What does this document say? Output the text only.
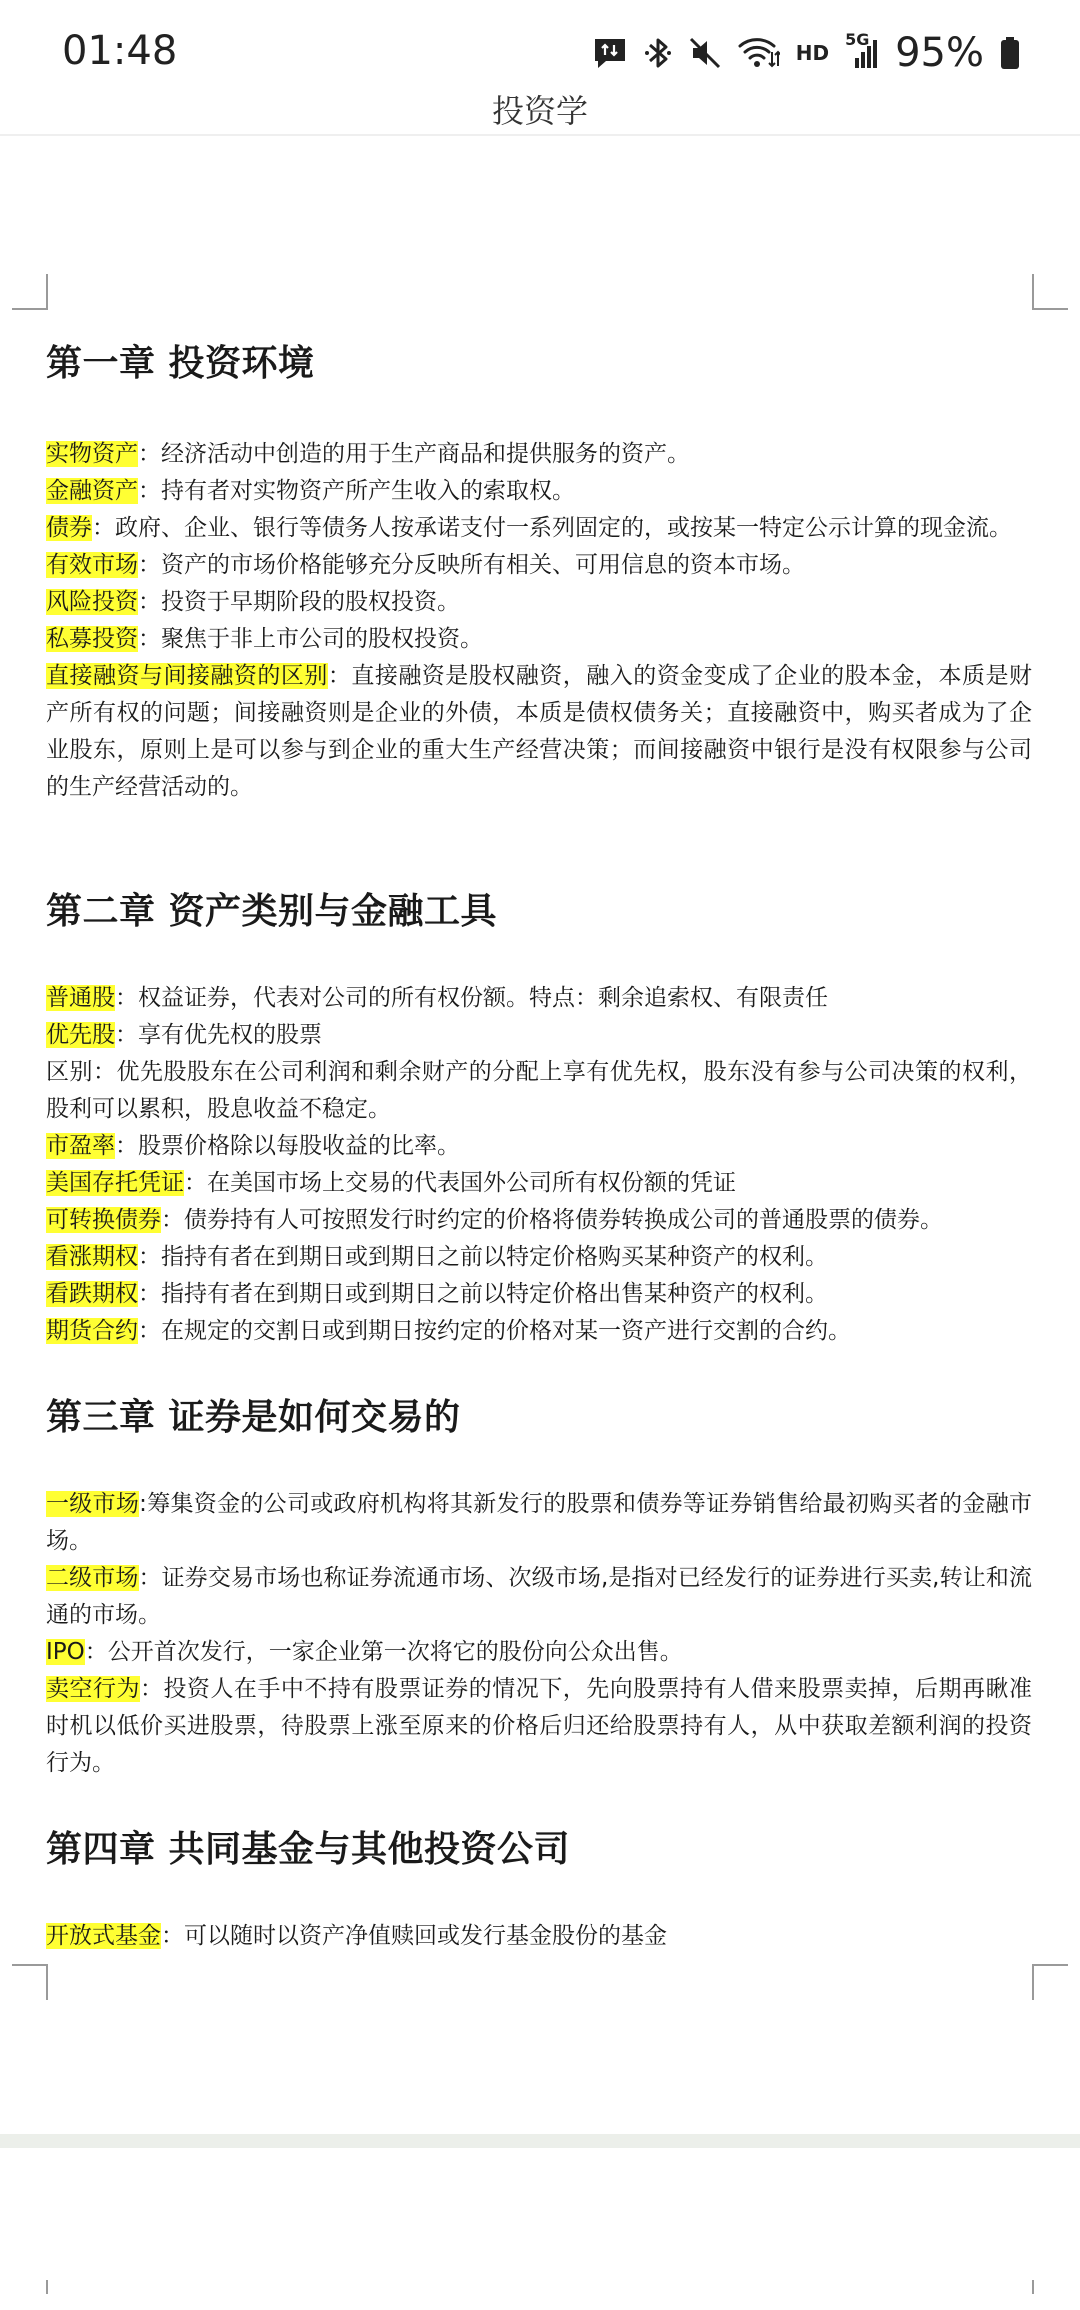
01:48	HD
5G 95%
投资学
第一章 投资环境

实物资产：经济活动中创造的用于生产商品和提供服务的资产。

金融资产：持有者对实物资产所产生收入的索取权。

债券：政府、企业、银行等债务人按承诺支付一系列固定的，或按某一特定公示计算的现金流。

有效市场：资产的市场价格能够充分反映所有相关、可用信息的资本市场。

风险投资：投资于早期阶段的股权投资。

私募投资：聚焦于非上市公司的股权投资。

直接融资与间接融资的区别：直接融资是股权融资，融入的资金变成了企业的股本金，本质是财产所有权的问题；间接融资则是企业的外债，本质是债权债务关；直接融资中，购买者成为了企业股东，原则上是可以参与到企业的重大生产经营决策；而间接融资中银行是没有权限参与公司的生产经营活动的。

第二章 资产类别与金融工具

普通股：权益证券，代表对公司的所有权份额。特点：剩余追索权、有限责任

优先股：享有优先权的股票

区别：优先股股东在公司利润和剩余财产的分配上享有优先权，股东没有参与公司决策的权利，股利可以累积，股息收益不稳定。

市盈率：股票价格除以每股收益的比率。

美国存托凭证：在美国市场上交易的代表国外公司所有权份额的凭证

可转换债券：债券持有人可按照发行时约定的价格将债券转换成公司的普通股票的债券。

看涨期权：指持有者在到期日或到期日之前以特定价格购买某种资产的权利。

看跌期权：指持有者在到期日或到期日之前以特定价格出售某种资产的权利。

期货合约：在规定的交割日或到期日按约定的价格对某一资产进行交割的合约。

第三章 证券是如何交易的

一级市场:筹集资金的公司或政府机构将其新发行的股票和债券等证券销售给最初购买者的金融市场。

二级市场：证券交易市场也称证券流通市场、次级市场,是指对已经发行的证券进行买卖,转让和流通的市场。

IPO：公开首次发行，一家企业第一次将它的股份向公众出售。

卖空行为：投资人在手中不持有股票证券的情况下，先向股票持有人借来股票卖掉，后期再瞅准时机以低价买进股票，待股票上涨至原来的价格后归还给股票持有人，从中获取差额利润的投资行为。

第四章 共同基金与其他投资公司

开放式基金：可以随时以资产净值赎回或发行基金股份的基金
